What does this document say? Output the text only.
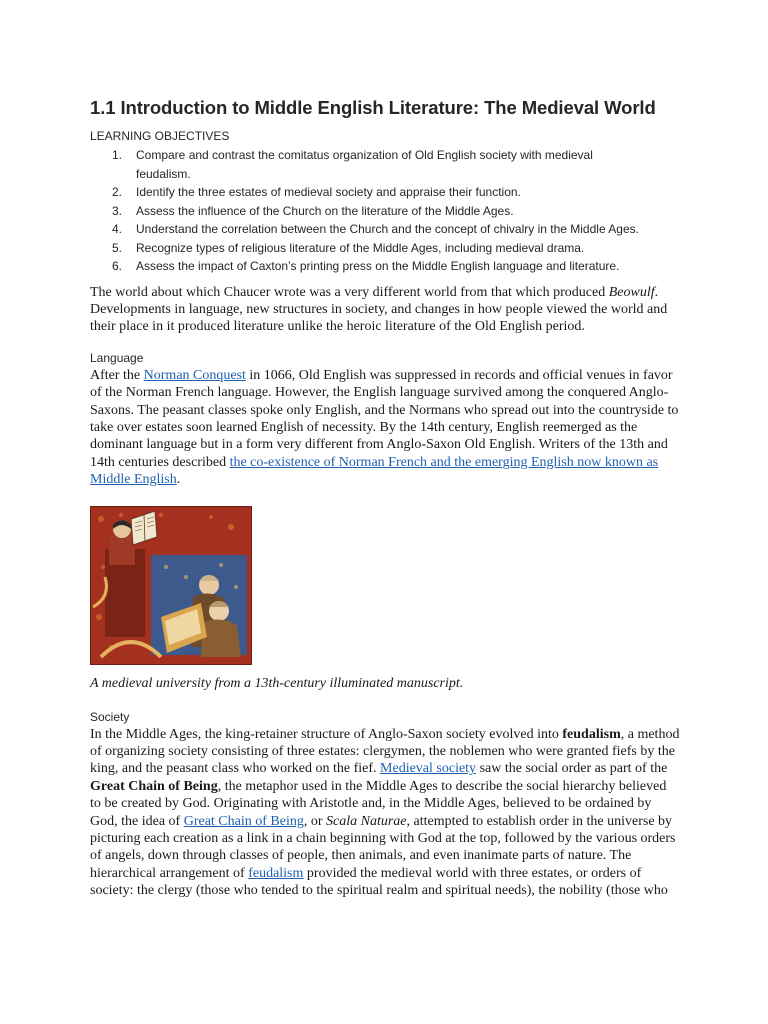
1.1 Introduction to Middle English Literature: The Medieval World
LEARNING OBJECTIVES
1. Compare and contrast the comitatus organization of Old English society with medieval
feudalism.
2. Identify the three estates of medieval society and appraise their function.
3. Assess the influence of the Church on the literature of the Middle Ages.
4. Understand the correlation between the Church and the concept of chivalry in the Middle Ages.
5. Recognize types of religious literature of the Middle Ages, including medieval drama.
6. Assess the impact of Caxton’s printing press on the Middle English language and literature.

The world about which Chaucer wrote was a very different world from that which produced Beowulf. Developments in language, new structures in society, and changes in how people viewed the world and their place in it produced literature unlike the heroic literature of the Old English period.

Language

After the Norman Conquest in 1066, Old English was suppressed in records and official venues in favor of the Norman French language. However, the English language survived among the conquered Anglo-Saxons. The peasant classes spoke only English, and the Normans who spread out into the countryside to take over estates soon learned English of necessity. By the 14th century, English reemerged as the dominant language but in a form very different from Anglo-Saxon Old English. Writers of the 13th and 14th centuries described the co-existence of Norman French and the emerging English now known as Middle English.

A medieval university from a 13th-century illuminated manuscript.
Society

In the Middle Ages, the king-retainer structure of Anglo-Saxon society evolved into feudalism, a method of organizing society consisting of three estates: clergymen, the noblemen who were granted fiefs by the king, and the peasant class who worked on the fief. Medieval society saw the social order as part of the Great Chain of Being, the metaphor used in the Middle Ages to describe the social hierarchy believed to be created by God. Originating with Aristotle and, in the Middle Ages, believed to be ordained by God, the idea of Great Chain of Being, or Scala Naturae, attempted to establish order in the universe by picturing each creation as a link in a chain beginning with God at the top, followed by the various orders of angels, down through classes of people, then animals, and even inanimate parts of nature. The hierarchical arrangement of feudalism provided the medieval world with three estates, or orders of society: the clergy (those who tended to the spiritual realm and spiritual needs), the nobility (those who
